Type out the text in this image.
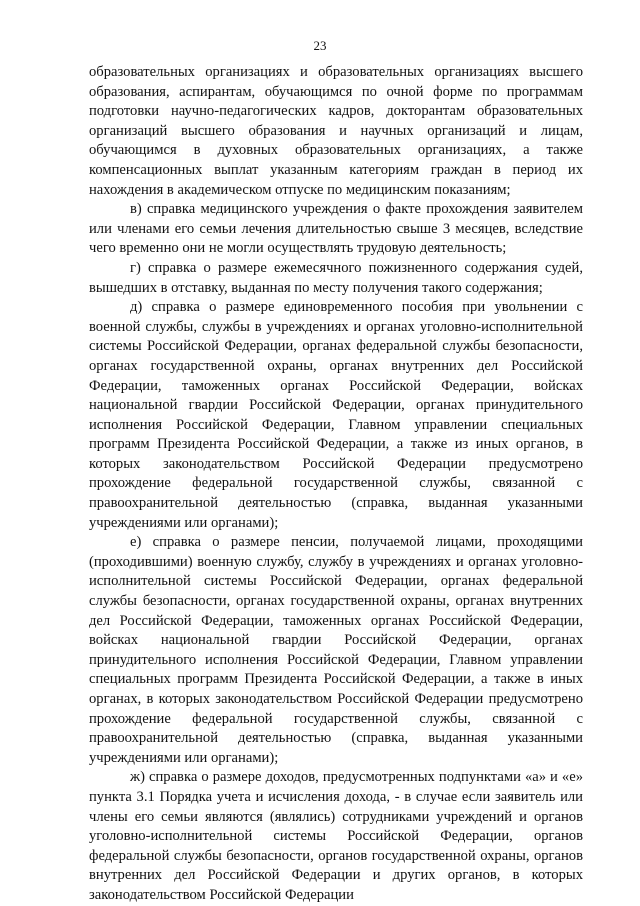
23

образовательных организациях и образовательных организациях высшего образования, аспирантам, обучающимся по очной форме по программам подготовки научно-педагогических кадров, докторантам образовательных организаций высшего образования и научных организаций и лицам, обучающимся в духовных образовательных организациях, а также компенсационных выплат указанным категориям граждан в период их нахождения в академическом отпуске по медицинским показаниям;

в) справка медицинского учреждения о факте прохождения заявителем или членами его семьи лечения длительностью свыше 3 месяцев, вследствие чего временно они не могли осуществлять трудовую деятельность;

г) справка о размере ежемесячного пожизненного содержания судей, вышедших в отставку, выданная по месту получения такого содержания;

д) справка о размере единовременного пособия при увольнении с военной службы, службы в учреждениях и органах уголовно-исполнительной системы Российской Федерации, органах федеральной службы безопасности, органах государственной охраны, органах внутренних дел Российской Федерации, таможенных органах Российской Федерации, войсках национальной гвардии Российской Федерации, органах принудительного исполнения Российской Федерации, Главном управлении специальных программ Президента Российской Федерации, а также из иных органов, в которых законодательством Российской Федерации предусмотрено прохождение федеральной государственной службы, связанной с правоохранительной деятельностью (справка, выданная указанными учреждениями или органами);

е) справка о размере пенсии, получаемой лицами, проходящими (проходившими) военную службу, службу в учреждениях и органах уголовно-исполнительной системы Российской Федерации, органах федеральной службы безопасности, органах государственной охраны, органах внутренних дел Российской Федерации, таможенных органах Российской Федерации, войсках национальной гвардии Российской Федерации, органах принудительного исполнения Российской Федерации, Главном управлении специальных программ Президента Российской Федерации, а также в иных органах, в которых законодательством Российской Федерации предусмотрено прохождение федеральной государственной службы, связанной с правоохранительной деятельностью (справка, выданная указанными учреждениями или органами);

ж) справка о размере доходов, предусмотренных подпунктами «а» и «е» пункта 3.1 Порядка учета и исчисления дохода, - в случае если заявитель или члены его семьи являются (являлись) сотрудниками учреждений и органов уголовно-исполнительной системы Российской Федерации, органов федеральной службы безопасности, органов государственной охраны, органов внутренних дел Российской Федерации и других органов, в которых законодательством Российской Федерации
